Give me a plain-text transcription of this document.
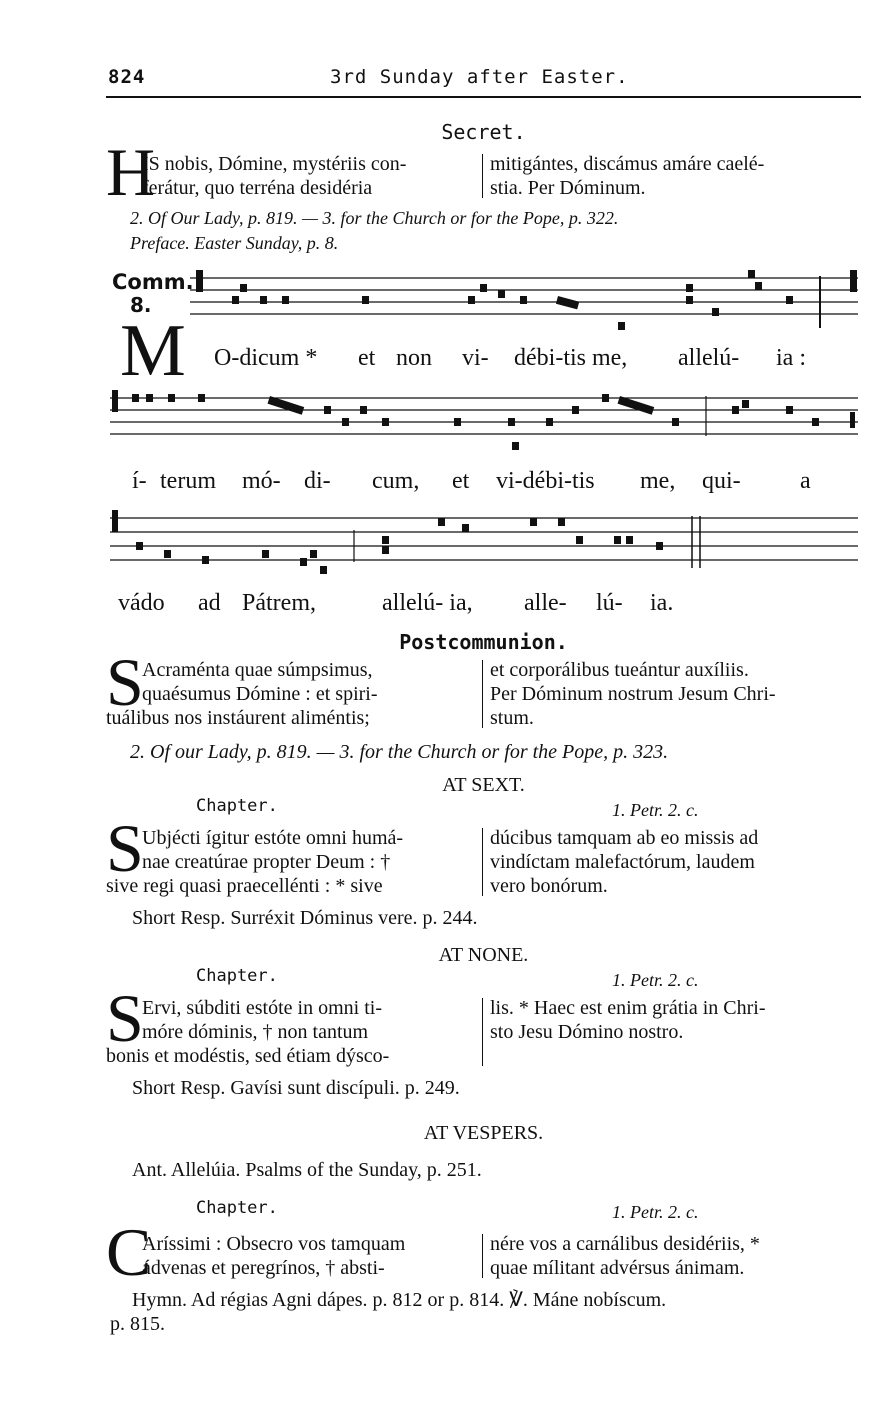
824	3rd Sunday after Easter.
Secret.
H
IS nobis, Dómine, mystériis con-
ferátur, quo terréna desidéria
mitigántes, discámus amáre caelé-
stia. Per Dóminum.
2. Of Our Lady, p. 819. — 3. for the Church or for the Pope, p. 322.
Preface. Easter Sunday, p. 8.
Comm.
8.
M O-dicum * et non vi- débi-tis me, allelú- ia :
í- terum mó- di- cum, et vi-débi-tis me, qui- a
vádo ad Pátrem,	allelú- ia, alle- lú- ia.
Postcommunion.
S
Acraménta quae súmpsimus,
quaésumus Dómine : et spiri-
tuálibus nos instáurent aliméntis;
et corporálibus tueántur auxíliis.
Per Dóminum nostrum Jesum Chri-
stum.
2. Of our Lady, p. 819. — 3. for the Church or for the Pope, p. 323.
AT SEXT.
Chapter.	1. Petr. 2. c.
S
Ubjécti ígitur estóte omni humá-
nae creatúrae propter Deum : †
sive regi quasi praecellénti : * sive
dúcibus tamquam ab eo missis ad
vindíctam malefactórum, laudem
vero bonórum.
Short Resp. Surréxit Dóminus vere. p. 244.
AT NONE.
Chapter.	1. Petr. 2. c.
S
Ervi, súbditi estóte in omni ti-
móre dóminis, † non tantum
bonis et modéstis, sed étiam dýsco-
lis. * Haec est enim grátia in Chri-
sto Jesu Dómino nostro.
Short Resp. Gavísi sunt discípuli. p. 249.
AT VESPERS.
Ant. Allelúia. Psalms of the Sunday, p. 251.
Chapter.	1. Petr. 2. c.
C
Aríssimi : Obsecro vos tamquam
ádvenas et peregrínos, † absti-
nére vos a carnálibus desidériis, *
quae mílitant advérsus ánimam.
Hymn. Ad régias Agni dápes. p. 812 or p. 814. ℣. Máne nobíscum.
p. 815.
